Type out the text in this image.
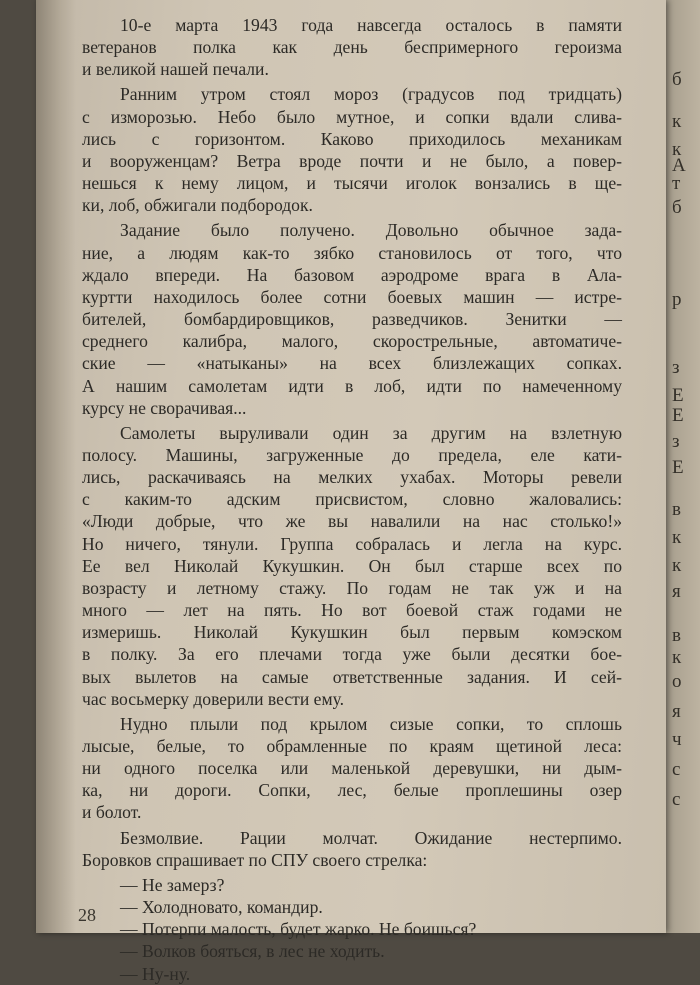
б
к
к
А
т
б
р
з
Е
Е
з
Е
в
к
к
я
в
к
о
я
ч
с
с
10-е марта 1943 года навсегда осталось в памяти
ветеранов полка как день беспримерного героизма
и великой нашей печали.
Ранним утром стоял мороз (градусов под тридцать)
с изморозью. Небо было мутное, и сопки вдали слива-
лись с горизонтом. Каково приходилось механикам
и вооруженцам? Ветра вроде почти и не было, а повер-
нешься к нему лицом, и тысячи иголок вонзались в ще-
ки, лоб, обжигали подбородок.
Задание было получено. Довольно обычное зада-
ние, а людям как-то зябко становилось от того, что
ждало впереди. На базовом аэродроме врага в Ала-
куртти находилось более сотни боевых машин — истре-
бителей, бомбардировщиков, разведчиков. Зенитки —
среднего калибра, малого, скорострельные, автоматиче-
ские — «натыканы» на всех близлежащих сопках.
А нашим самолетам идти в лоб, идти по намеченному
курсу не сворачивая...
Самолеты выруливали один за другим на взлетную
полосу. Машины, загруженные до предела, еле кати-
лись, раскачиваясь на мелких ухабах. Моторы ревели
с каким-то адским присвистом, словно жаловались:
«Люди добрые, что же вы навалили на нас столько!»
Но ничего, тянули. Группа собралась и легла на курс.
Ее вел Николай Кукушкин. Он был старше всех по
возрасту и летному стажу. По годам не так уж и на
много — лет на пять. Но вот боевой стаж годами не
измеришь. Николай Кукушкин был первым комэском
в полку. За его плечами тогда уже были десятки бое-
вых вылетов на самые ответственные задания. И сей-
час восьмерку доверили вести ему.
Нудно плыли под крылом сизые сопки, то сплошь
лысые, белые, то обрамленные по краям щетиной леса:
ни одного поселка или маленькой деревушки, ни дым-
ка, ни дороги. Сопки, лес, белые проплешины озер
и болот.
Безмолвие. Рации молчат. Ожидание нестерпимо.
Боровков спрашивает по СПУ своего стрелка:
— Не замерз?
— Холодновато, командир.
— Потерпи малость, будет жарко. Не боишься?
— Волков бояться, в лес не ходить.
— Ну-ну.
28
